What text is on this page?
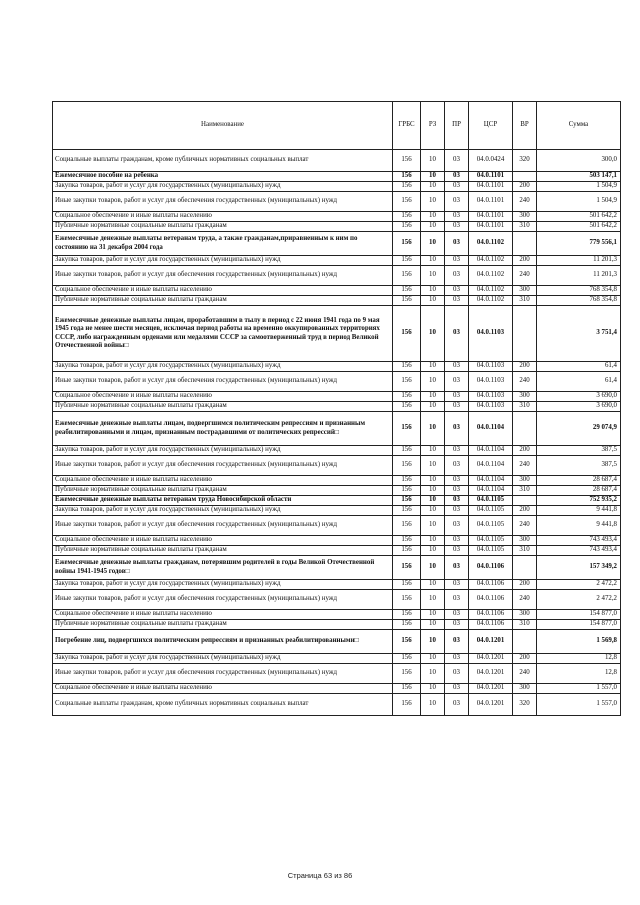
Наименование	ГРБС	РЗ	ПР	ЦСР	ВР	Сумма
Социальные выплаты гражданам, кроме публичных нормативных социальных выплат	156	10	03	04.0.0424	320	300,0
Ежемесячное пособие на ребенка	156	10	03	04.0.1101		503 147,1
Закупка товаров, работ и услуг для государственных (муниципальных) нужд	156	10	03	04.0.1101	200	1 504,9
Иные закупки товаров, работ и услуг для обеспечения государственных (муниципальных) нужд	156	10	03	04.0.1101	240	1 504,9
Социальное обеспечение и иные выплаты населению	156	10	03	04.0.1101	300	501 642,2
Публичные нормативные социальные выплаты гражданам	156	10	03	04.0.1101	310	501 642,2
Ежемесячные денежные выплаты ветеранам труда, а также гражданам,приравненным к ним по состоянию на 31 декабря 2004 года	156	10	03	04.0.1102		779 556,1
Закупка товаров, работ и услуг для государственных (муниципальных) нужд	156	10	03	04.0.1102	200	11 201,3
Иные закупки товаров, работ и услуг для обеспечения государственных (муниципальных) нужд	156	10	03	04.0.1102	240	11 201,3
Социальное обеспечение и иные выплаты населению	156	10	03	04.0.1102	300	768 354,8
Публичные нормативные социальные выплаты гражданам	156	10	03	04.0.1102	310	768 354,8
Ежемесячные денежные выплаты лицам, проработавшим в тылу в период с 22 июня 1941 года по 9 мая 1945 года не менее шести месяцев, исключая период работы на временно оккупированных территориях СССР, либо награжденным орденами или медалями СССР за самоотверженный труд в период Великой Отечественной войны□	156	10	03	04.0.1103		3 751,4
Закупка товаров, работ и услуг для государственных (муниципальных) нужд	156	10	03	04.0.1103	200	61,4
Иные закупки товаров, работ и услуг для обеспечения государственных (муниципальных) нужд	156	10	03	04.0.1103	240	61,4
Социальное обеспечение и иные выплаты населению	156	10	03	04.0.1103	300	3 690,0
Публичные нормативные социальные выплаты гражданам	156	10	03	04.0.1103	310	3 690,0
Ежемесячные денежные выплаты лицам, подвергшимся политическим репрессиям и признанным реабилитированными и лицам, признанным пострадавшими от политических репрессий□	156	10	03	04.0.1104		29 074,9
Закупка товаров, работ и услуг для государственных (муниципальных) нужд	156	10	03	04.0.1104	200	387,5
Иные закупки товаров, работ и услуг для обеспечения государственных (муниципальных) нужд	156	10	03	04.0.1104	240	387,5
Социальное обеспечение и иные выплаты населению	156	10	03	04.0.1104	300	28 687,4
Публичные нормативные социальные выплаты гражданам	156	10	03	04.0.1104	310	28 687,4
Ежемесячные денежные выплаты ветеранам труда Новосибирской области	156	10	03	04.0.1105		752 935,2
Закупка товаров, работ и услуг для государственных (муниципальных) нужд	156	10	03	04.0.1105	200	9 441,8
Иные закупки товаров, работ и услуг для обеспечения государственных (муниципальных) нужд	156	10	03	04.0.1105	240	9 441,8
Социальное обеспечение и иные выплаты населению	156	10	03	04.0.1105	300	743 493,4
Публичные нормативные социальные выплаты гражданам	156	10	03	04.0.1105	310	743 493,4
Ежемесячные денежные выплаты гражданам, потерявшим родителей в годы Великой Отечественной войны 1941-1945 годов□	156	10	03	04.0.1106		157 349,2
Закупка товаров, работ и услуг для государственных (муниципальных) нужд	156	10	03	04.0.1106	200	2 472,2
Иные закупки товаров, работ и услуг для обеспечения государственных (муниципальных) нужд	156	10	03	04.0.1106	240	2 472,2
Социальное обеспечение и иные выплаты населению	156	10	03	04.0.1106	300	154 877,0
Публичные нормативные социальные выплаты гражданам	156	10	03	04.0.1106	310	154 877,0
Погребение лиц, подвергшихся политическим репрессиям и признанных реабилитированными□	156	10	03	04.0.1201		1 569,8
Закупка товаров, работ и услуг для государственных (муниципальных) нужд	156	10	03	04.0.1201	200	12,8
Иные закупки товаров, работ и услуг для обеспечения государственных (муниципальных) нужд	156	10	03	04.0.1201	240	12,8
Социальное обеспечение и иные выплаты населению	156	10	03	04.0.1201	300	1 557,0
Социальные выплаты гражданам, кроме публичных нормативных социальных выплат	156	10	03	04.0.1201	320	1 557,0
Страница 63 из 86
